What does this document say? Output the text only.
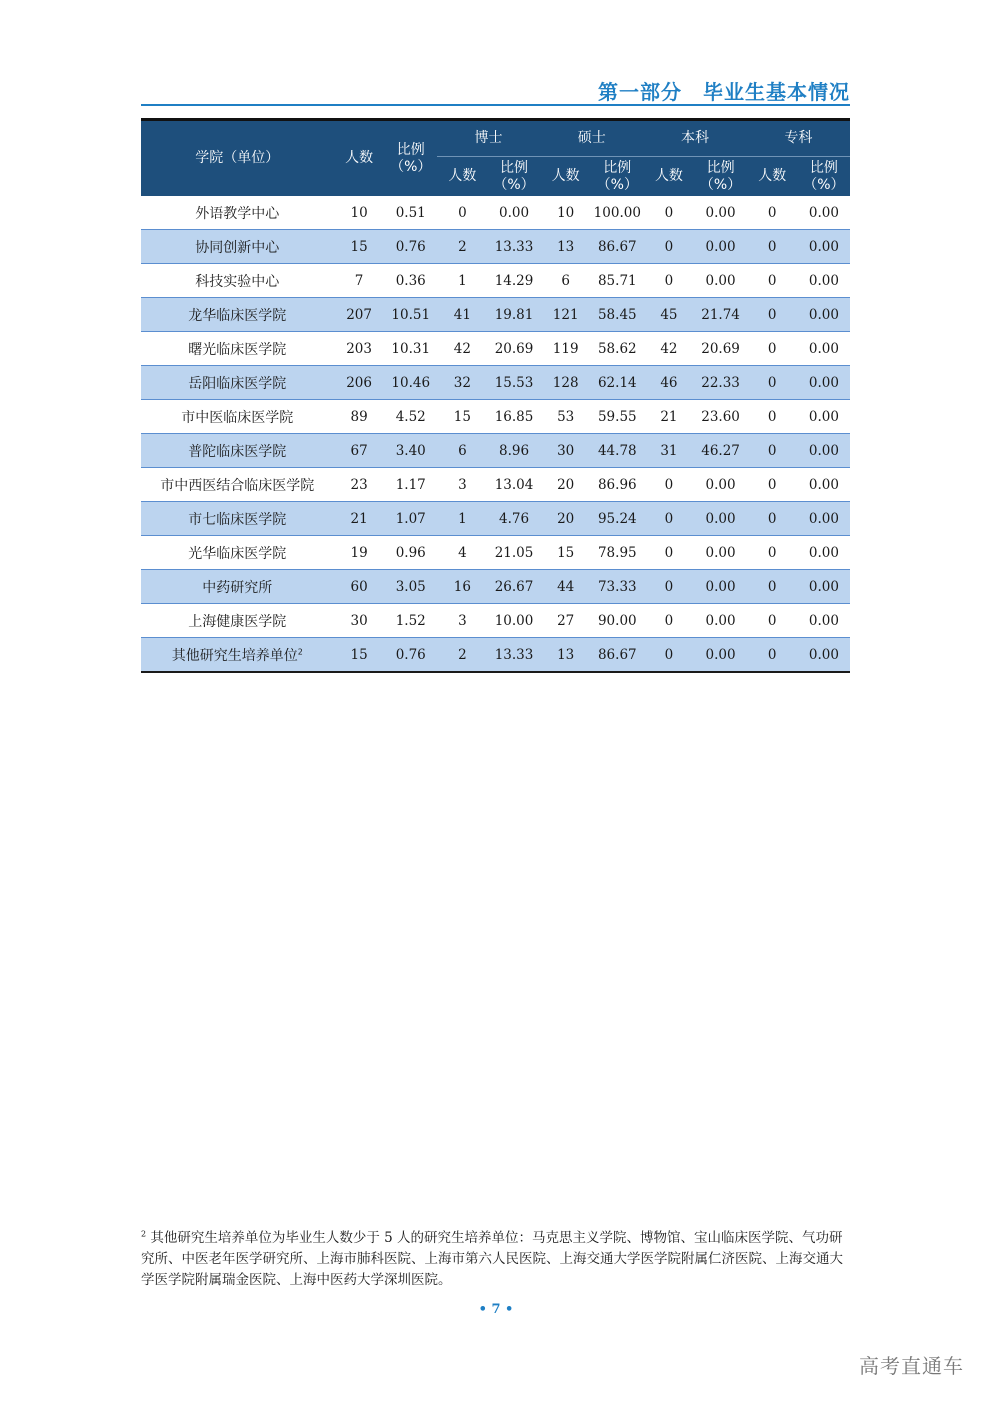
第一部分　毕业生基本情况
学院（单位）	人数	比例（%）	博士		硕士		本科		专科	
			人数	比例（%）	人数	比例（%）	人数	比例（%）	人数	比例（%）
外语教学中心	10	0.51	0	0.00	10	100.00	0	0.00	0	0.00
协同创新中心	15	0.76	2	13.33	13	86.67	0	0.00	0	0.00
科技实验中心	7	0.36	1	14.29	6	85.71	0	0.00	0	0.00
龙华临床医学院	207	10.51	41	19.81	121	58.45	45	21.74	0	0.00
曙光临床医学院	203	10.31	42	20.69	119	58.62	42	20.69	0	0.00
岳阳临床医学院	206	10.46	32	15.53	128	62.14	46	22.33	0	0.00
市中医临床医学院	89	4.52	15	16.85	53	59.55	21	23.60	0	0.00
普陀临床医学院	67	3.40	6	8.96	30	44.78	31	46.27	0	0.00
市中西医结合临床医学院	23	1.17	3	13.04	20	86.96	0	0.00	0	0.00
市七临床医学院	21	1.07	1	4.76	20	95.24	0	0.00	0	0.00
光华临床医学院	19	0.96	4	21.05	15	78.95	0	0.00	0	0.00
中药研究所	60	3.05	16	26.67	44	73.33	0	0.00	0	0.00
上海健康医学院	30	1.52	3	10.00	27	90.00	0	0.00	0	0.00
其他研究生培养单位$^2$	15	0.76	2	13.33	13	86.67	0	0.00	0	0.00
$^2$ 其他研究生培养单位为毕业生人数少于 5 人的研究生培养单位：马克思主义学院、博物馆、宝山临床医学院、气功研究所、中医老年医学研究所、上海市肺科医院、上海市第六人民医院、上海交通大学医学院附属仁济医院、上海交通大学医学院附属瑞金医院、上海中医药大学深圳医院。
• 7 •
高考直通车
